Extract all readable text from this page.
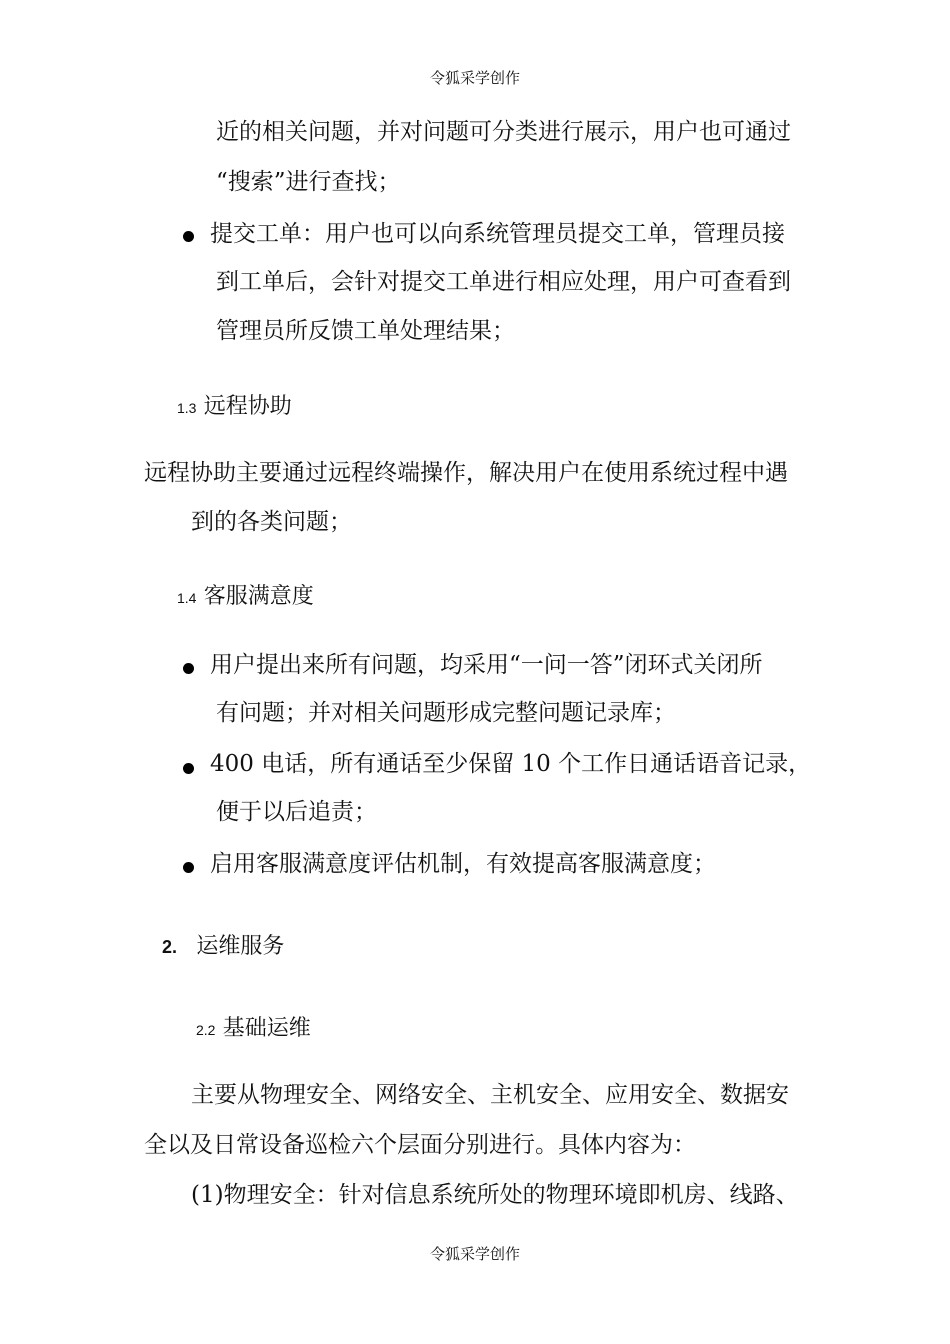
令狐采学创作
近的相关问题，并对问题可分类进行展示，用户也可通过
“搜索”进行查找；
提交工单：用户也可以向系统管理员提交工单，管理员接
到工单后，会针对提交工单进行相应处理，用户可查看到
管理员所反馈工单处理结果；
1.3 远程协助
远程协助主要通过远程终端操作，解决用户在使用系统过程中遇
到的各类问题；
1.4 客服满意度
用户提出来所有问题，均采用“一问一答”闭环式关闭所
有问题；并对相关问题形成完整问题记录库；
400 电话，所有通话至少保留 10 个工作日通话语音记录，
便于以后追责；
启用客服满意度评估机制，有效提高客服满意度；
2. 运维服务
2.2 基础运维
主要从物理安全、网络安全、主机安全、应用安全、数据安
全以及日常设备巡检六个层面分别进行。具体内容为：
(1)物理安全：针对信息系统所处的物理环境即机房、线路、
令狐采学创作
